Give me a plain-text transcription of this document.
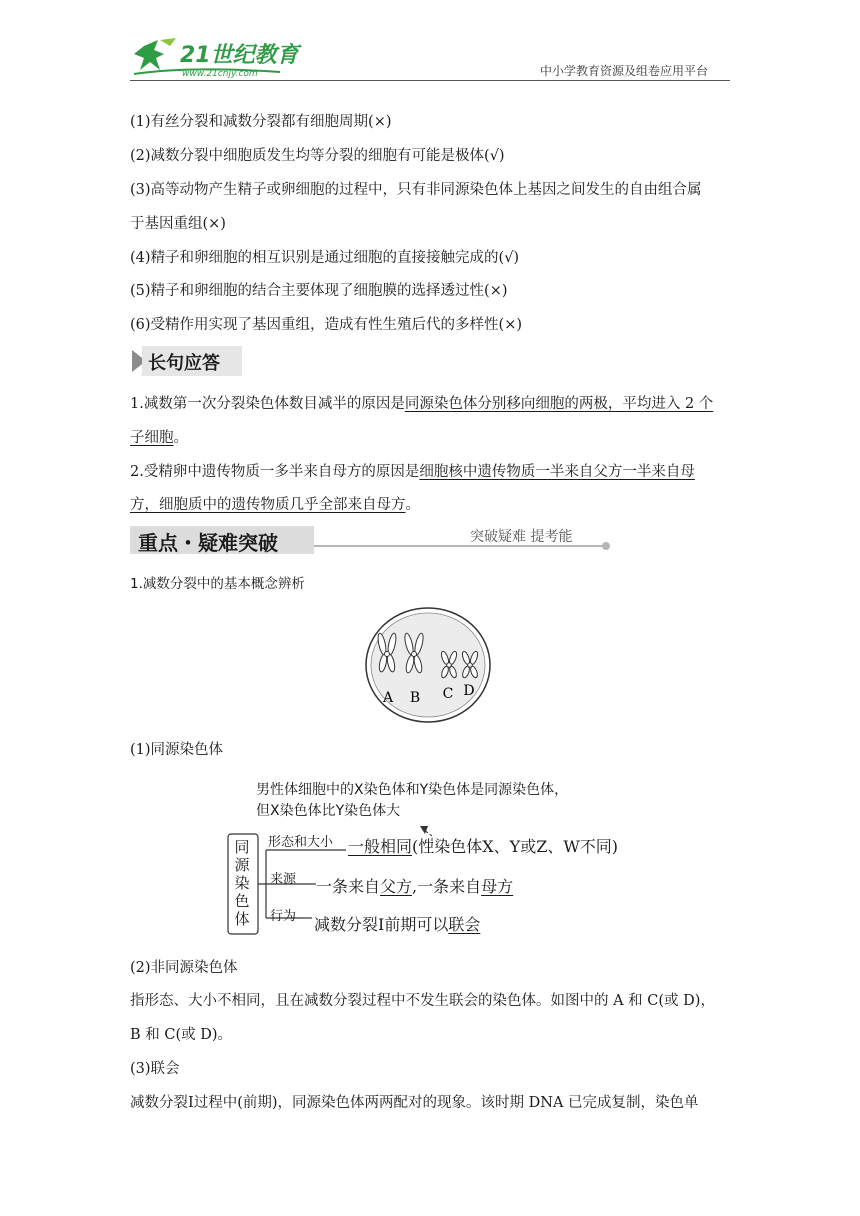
21世纪教育
www.21cnjy.com	中小学教育资源及组卷应用平台
(1)有丝分裂和减数分裂都有细胞周期(×)
(2)减数分裂中细胞质发生均等分裂的细胞有可能是极体(√)
(3)高等动物产生精子或卵细胞的过程中，只有非同源染色体上基因之间发生的自由组合属
于基因重组(×)
(4)精子和卵细胞的相互识别是通过细胞的直接接触完成的(√)
(5)精子和卵细胞的结合主要体现了细胞膜的选择透过性(×)
(6)受精作用实现了基因重组，造成有性生殖后代的多样性(×)
长句应答
1.减数第一次分裂染色体数目减半的原因是同源染色体分别移向细胞的两极，平均进入 2 个
子细胞。
2.受精卵中遗传物质一多半来自母方的原因是细胞核中遗传物质一半来自父方一半来自母
方，细胞质中的遗传物质几乎全部来自母方。
重点・疑难突破	突破疑难 提考能
1.减数分裂中的基本概念辨析
A B C D
(1)同源染色体
男性体细胞中的X染色体和Y染色体是同源染色体，
但X染色体比Y染色体大
同
源
染
色
体
形态和大小 一般相同(性染色体X、Y或Z、W不同)
来源 一条来自父方,一条来自母方
行为 减数分裂Ⅰ前期可以联会
(2)非同源染色体
指形态、大小不相同，且在减数分裂过程中不发生联会的染色体。如图中的 A 和 C(或 D)，
B 和 C(或 D)。
(3)联会
减数分裂Ⅰ过程中(前期)，同源染色体两两配对的现象。该时期 DNA 已完成复制，染色单
